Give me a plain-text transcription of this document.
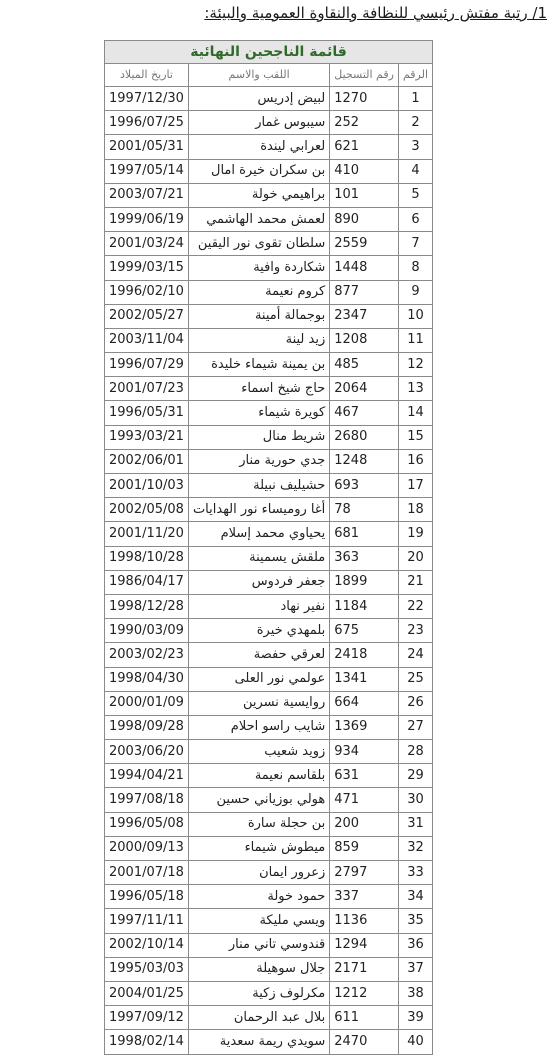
1/ رتبة مفتش رئيسي للنظافة والنقاوة العمومية والبيئة:
قائمة الناجحين النهائية			
الرقم	رقم التسجيل	اللقب والاسم	تاريخ الميلاد
1	1270	لبيض إدريس	1997/12/30
2	252	سيبوس غمار	1996/07/25
3	621	لعرابي ليندة	2001/05/31
4	410	بن سكران خيرة امال	1997/05/14
5	101	براهيمي خولة	2003/07/21
6	890	لعمش محمد الهاشمي	1999/06/19
7	2559	سلطان تقوى نور اليقين	2001/03/24
8	1448	شكاردة وافية	1999/03/15
9	877	كروم نعيمة	1996/02/10
10	2347	بوجمالة أمينة	2002/05/27
11	1208	زيد لينة	2003/11/04
12	485	بن يمينة شيماء خليدة	1996/07/29
13	2064	حاج شيخ اسماء	2001/07/23
14	467	كويرة شيماء	1996/05/31
15	2680	شريط منال	1993/03/21
16	1248	جدي حورية منار	2002/06/01
17	693	حشيليف نبيلة	2001/10/03
18	78	أغا روميساء نور الهدايات	2002/05/08
19	681	يحياوي محمد إسلام	2001/11/20
20	363	ملقش يسمينة	1998/10/28
21	1899	جعفر فردوس	1986/04/17
22	1184	نفير نهاد	1998/12/28
23	675	بلمهدي خيرة	1990/03/09
24	2418	لعرقي حفصة	2003/02/23
25	1341	عولمي نور العلى	1998/04/30
26	664	روايسية نسرين	2000/01/09
27	1369	شايب راسو احلام	1998/09/28
28	934	زويد شعيب	2003/06/20
29	631	بلقاسم نعيمة	1994/04/21
30	471	هولي بوزياني حسين	1997/08/18
31	200	بن حجلة سارة	1996/05/08
32	859	ميطوش شيماء	2000/09/13
33	2797	زعرور ايمان	2001/07/18
34	337	حمود خولة	1996/05/18
35	1136	ويسي مليكة	1997/11/11
36	1294	قندوسي تاني منار	2002/10/14
37	2171	جلال سوهيلة	1995/03/03
38	1212	مكرلوف زكية	2004/01/25
39	611	بلال عبد الرحمان	1997/09/12
40	2470	سويدي ريمة سعدية	1998/02/14
